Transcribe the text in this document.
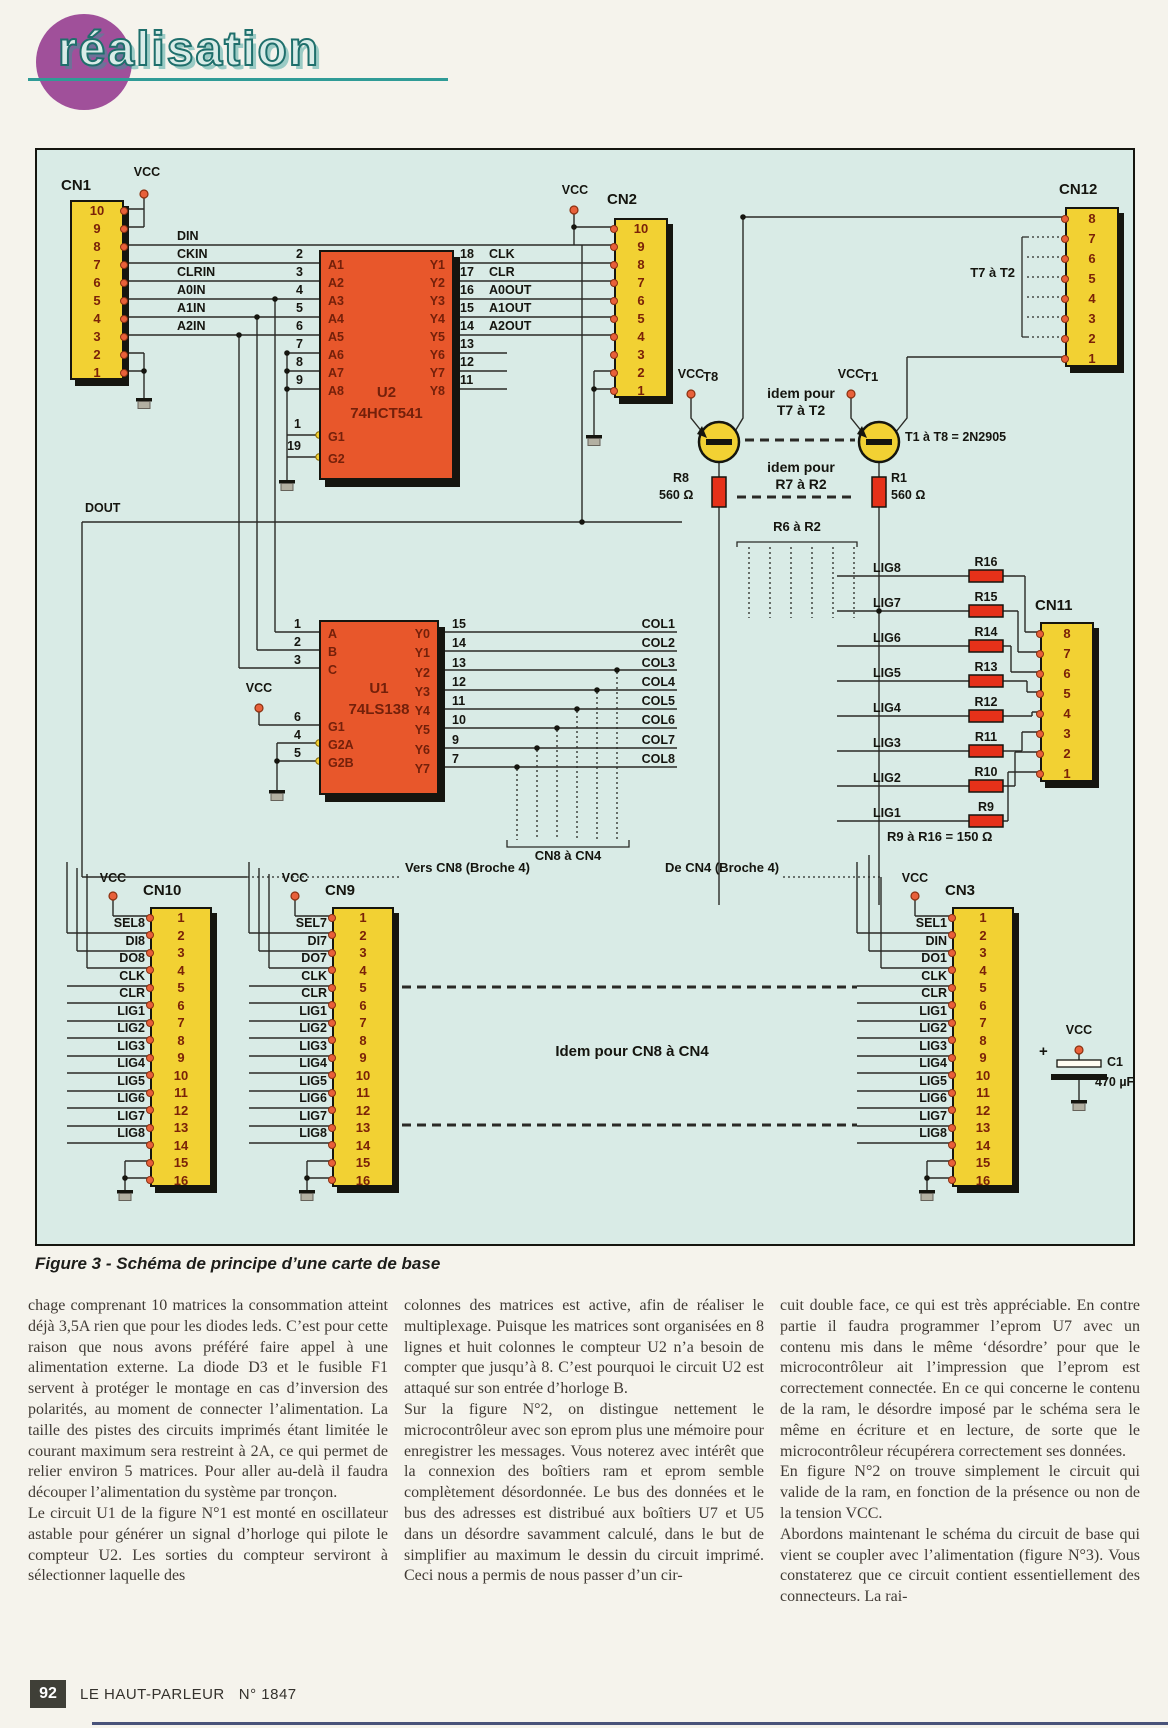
réalisation
CN1
10
9
8
7
6
5
4
3
2
1
CN2
10
9
8
7
6
5
4
3
2
1
CN12
8
7
6
5
4
3
2
1
CN11
8
7
6
5
4
3
2
1
CN10
1
2
3
4
5
6
7
8
9
10
11
12
13
14
15
16
CN9
1
2
3
4
5
6
7
8
9
10
11
12
13
14
15
16
CN3
1
2
3
4
5
6
7
8
9
10
11
12
13
14
15
16
A1
A2
A3
A4
A5
A6
A7
A8
G1
G2
Y1
Y2
Y3
Y4
Y5
Y6
Y7
Y8
U2
74HCT541
A
B
C
G1
G2A
G2B
Y0
Y1
Y2
Y3
Y4
Y5
Y6
Y7
U1
74LS138
2
3
4
5
6
7
8
9
1
19
18
17
16
15
14
13
12
11
1
2
3
6
4
5
15
14
13
12
11
10
9
7
DIN
CKIN
CLRIN
A0IN
A1IN
A2IN
CLK
CLR
A0OUT
A1OUT
A2OUT
COL1
COL2
COL3
COL4
COL5
COL6
COL7
COL8
LIG8
LIG7
LIG6
LIG5
LIG4
LIG3
LIG2
LIG1
R16
R15
R14
R13
R12
R11
R10
R9
SEL8
DI8
DO8
CLK
CLR
LIG1
LIG2
LIG3
LIG4
LIG5
LIG6
LIG7
LIG8
SEL7
DI7
DO7
CLK
CLR
LIG1
LIG2
LIG3
LIG4
LIG5
LIG6
LIG7
LIG8
SEL1
DIN
DO1
CLK
CLR
LIG1
LIG2
LIG3
LIG4
LIG5
LIG6
LIG7
LIG8
VCC
VCC
VCC	VCC
VCC
VCC	VCC	VCC
VCC
DOUT
T7 à T2
T8	T1
idem pour
T7 à T2
T1 à T8 = 2N2905
idem pour
R7 à R2
R8
560 Ω
R1
560 Ω
R6 à R2
R9 à R16 = 150 Ω
CN8 à CN4
Vers CN8 (Broche 4)	De CN4 (Broche 4)
Idem pour CN8 à CN4	+
C1
470 µF
Figure 3 - Schéma de principe d’une carte de base
chage comprenant 10 matrices la consommation atteint déjà 3,5A rien que pour les diodes leds. C’est pour cette raison que nous avons préféré faire appel à une alimentation externe. La diode D3 et le fusible F1 servent à protéger le montage en cas d’inversion des polarités, au moment de connecter l’alimentation. La taille des pistes des circuits imprimés étant limitée le courant maximum sera restreint à 2A, ce qui permet de relier environ 5 matrices. Pour aller au-delà il faudra découper l’alimentation du système par tronçon.
Le circuit U1 de la figure N°1 est monté en oscillateur astable pour générer un signal d’horloge qui pilote le compteur U2. Les sorties du compteur serviront à sélectionner laquelle des
colonnes des matrices est active, afin de réaliser le multiplexage. Puisque les matrices sont organisées en 8 lignes et huit colonnes le compteur U2 n’a besoin de compter que jusqu’à 8. C’est pourquoi le circuit U2 est attaqué sur son entrée d’horloge B.
Sur la figure N°2, on distingue nettement le microcontrôleur avec son eprom plus une mémoire pour enregistrer les messages. Vous noterez avec intérêt que la connexion des boîtiers ram et eprom semble complètement désordonnée. Le bus des données et le bus des adresses est distribué aux boîtiers U7 et U5 dans un désordre savamment calculé, dans le but de simplifier au maximum le dessin du circuit imprimé. Ceci nous a permis de nous passer d’un cir-
cuit double face, ce qui est très appréciable. En contre partie il faudra programmer l’eprom U7 avec un contenu mis dans le même ‘désordre’ pour que le microcontrôleur ait l’impression que l’eprom est correctement connectée. En ce qui concerne le contenu de la ram, le désordre imposé par le schéma sera le même en écriture et en lecture, de sorte que le microcontrôleur récupérera correctement ses données.
En figure N°2 on trouve simplement le circuit qui valide de la ram, en fonction de la présence ou non de la tension VCC.
Abordons maintenant le schéma du circuit de base qui vient se coupler avec l’alimentation (figure N°3). Vous constaterez que ce circuit contient essentiellement des connecteurs. La rai-
92	LE HAUT-PARLEUR N° 1847
